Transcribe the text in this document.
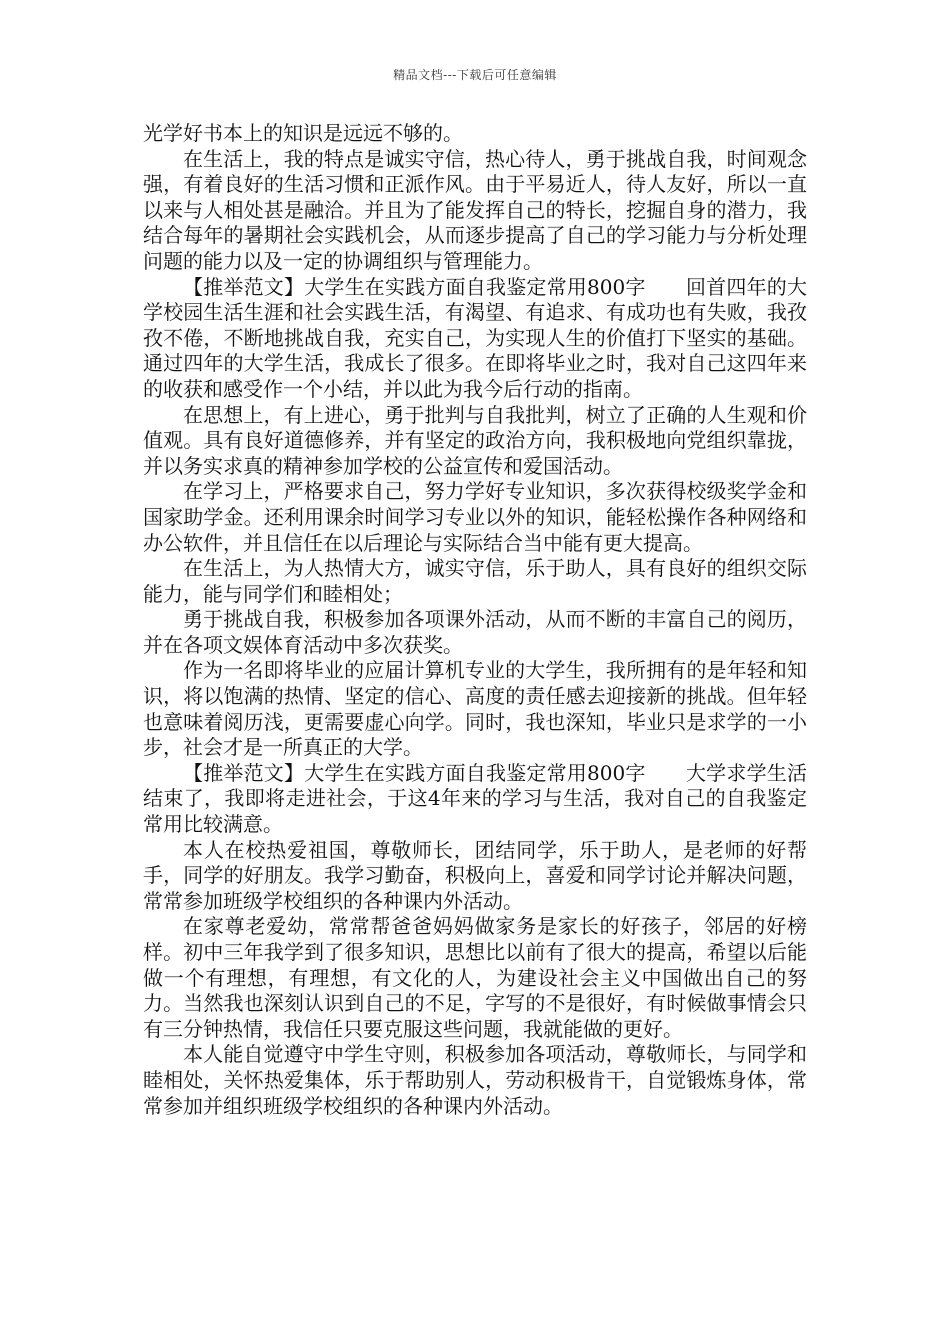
精品文档---下载后可任意编辑

光学好书本上的知识是远远不够的。

在生活上，我的特点是诚实守信，热心待人，勇于挑战自我，时间观念强，有着良好的生活习惯和正派作风。由于平易近人，待人友好，所以一直以来与人相处甚是融洽。并且为了能发挥自己的特长，挖掘自身的潜力，我结合每年的暑期社会实践机会，从而逐步提高了自己的学习能力与分析处理问题的能力以及一定的协调组织与管理能力。

【推举范文】大学生在实践方面自我鉴定常用800字　　回首四年的大学校园生活生涯和社会实践生活，有渴望、有追求、有成功也有失败，我孜孜不倦，不断地挑战自我，充实自己，为实现人生的价值打下坚实的基础。通过四年的大学生活，我成长了很多。在即将毕业之时，我对自己这四年来的收获和感受作一个小结，并以此为我今后行动的指南。

在思想上，有上进心，勇于批判与自我批判，树立了正确的人生观和价值观。具有良好道德修养，并有坚定的政治方向，我积极地向党组织靠拢，并以务实求真的精神参加学校的公益宣传和爱国活动。

在学习上，严格要求自己，努力学好专业知识，多次获得校级奖学金和国家助学金。还利用课余时间学习专业以外的知识，能轻松操作各种网络和办公软件，并且信任在以后理论与实际结合当中能有更大提高。

在生活上，为人热情大方，诚实守信，乐于助人，具有良好的组织交际能力，能与同学们和睦相处；

勇于挑战自我，积极参加各项课外活动，从而不断的丰富自己的阅历，并在各项文娱体育活动中多次获奖。

作为一名即将毕业的应届计算机专业的大学生，我所拥有的是年轻和知识，将以饱满的热情、坚定的信心、高度的责任感去迎接新的挑战。但年轻也意味着阅历浅，更需要虚心向学。同时，我也深知，毕业只是求学的一小步，社会才是一所真正的大学。

【推举范文】大学生在实践方面自我鉴定常用800字　　大学求学生活结束了，我即将走进社会，于这4年来的学习与生活，我对自己的自我鉴定常用比较满意。

本人在校热爱祖国，尊敬师长，团结同学，乐于助人，是老师的好帮手，同学的好朋友。我学习勤奋，积极向上，喜爱和同学讨论并解决问题，常常参加班级学校组织的各种课内外活动。

在家尊老爱幼，常常帮爸爸妈妈做家务是家长的好孩子，邻居的好榜样。初中三年我学到了很多知识，思想比以前有了很大的提高，希望以后能做一个有理想，有理想，有文化的人，为建设社会主义中国做出自己的努力。当然我也深刻认识到自己的不足，字写的不是很好，有时候做事情会只有三分钟热情，我信任只要克服这些问题，我就能做的更好。

本人能自觉遵守中学生守则，积极参加各项活动，尊敬师长，与同学和睦相处，关怀热爱集体，乐于帮助别人，劳动积极肯干，自觉锻炼身体，常常参加并组织班级学校组织的各种课内外活动。
